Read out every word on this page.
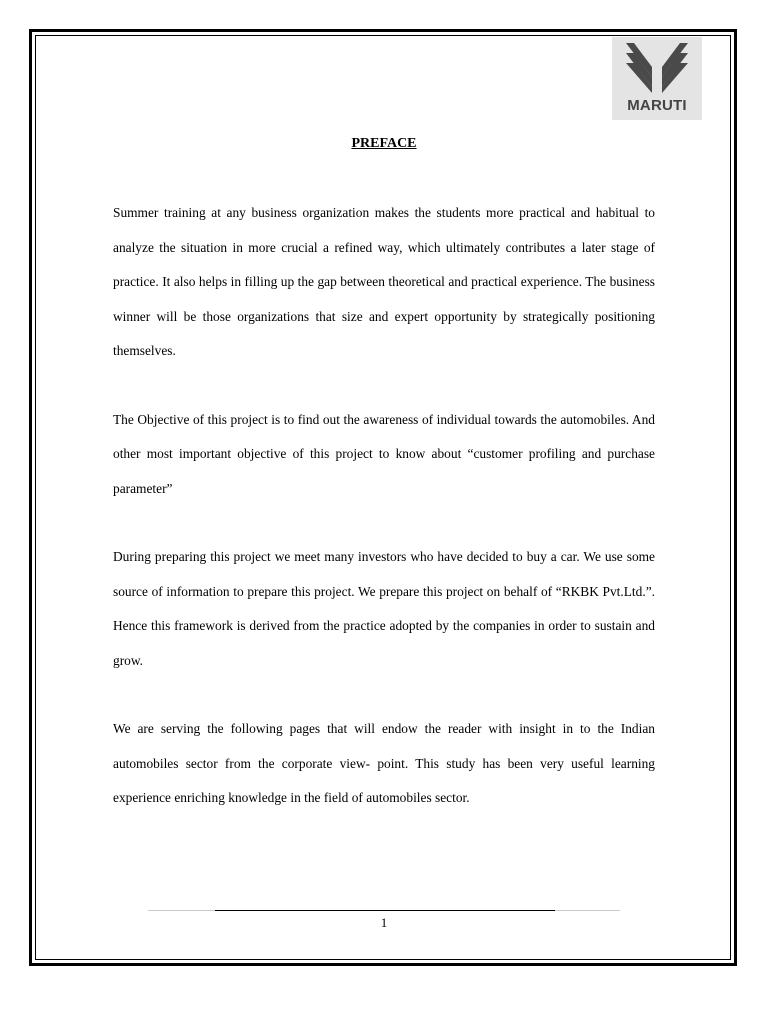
MARUTI
PREFACE

Summer training at any business organization makes the students more practical and habitual to analyze the situation in more crucial a refined way, which ultimately contributes a later stage of practice. It also helps in filling up the gap between theoretical and practical experience. The business winner will be those organizations that size and expert opportunity by strategically positioning themselves.

The Objective of this project is to find out the awareness of individual towards the automobiles. And other most important objective of this project to know about “customer profiling and purchase parameter”

During preparing this project we meet many investors who have decided to buy a car. We use some source of information to prepare this project. We prepare this project on behalf of “RKBK Pvt.Ltd.”. Hence this framework is derived from the practice adopted by the companies in order to sustain and grow.

We are serving the following pages that will endow the reader with insight in to the Indian automobiles sector from the corporate view- point. This study has been very useful learning experience enriching knowledge in the field of automobiles sector.

1
